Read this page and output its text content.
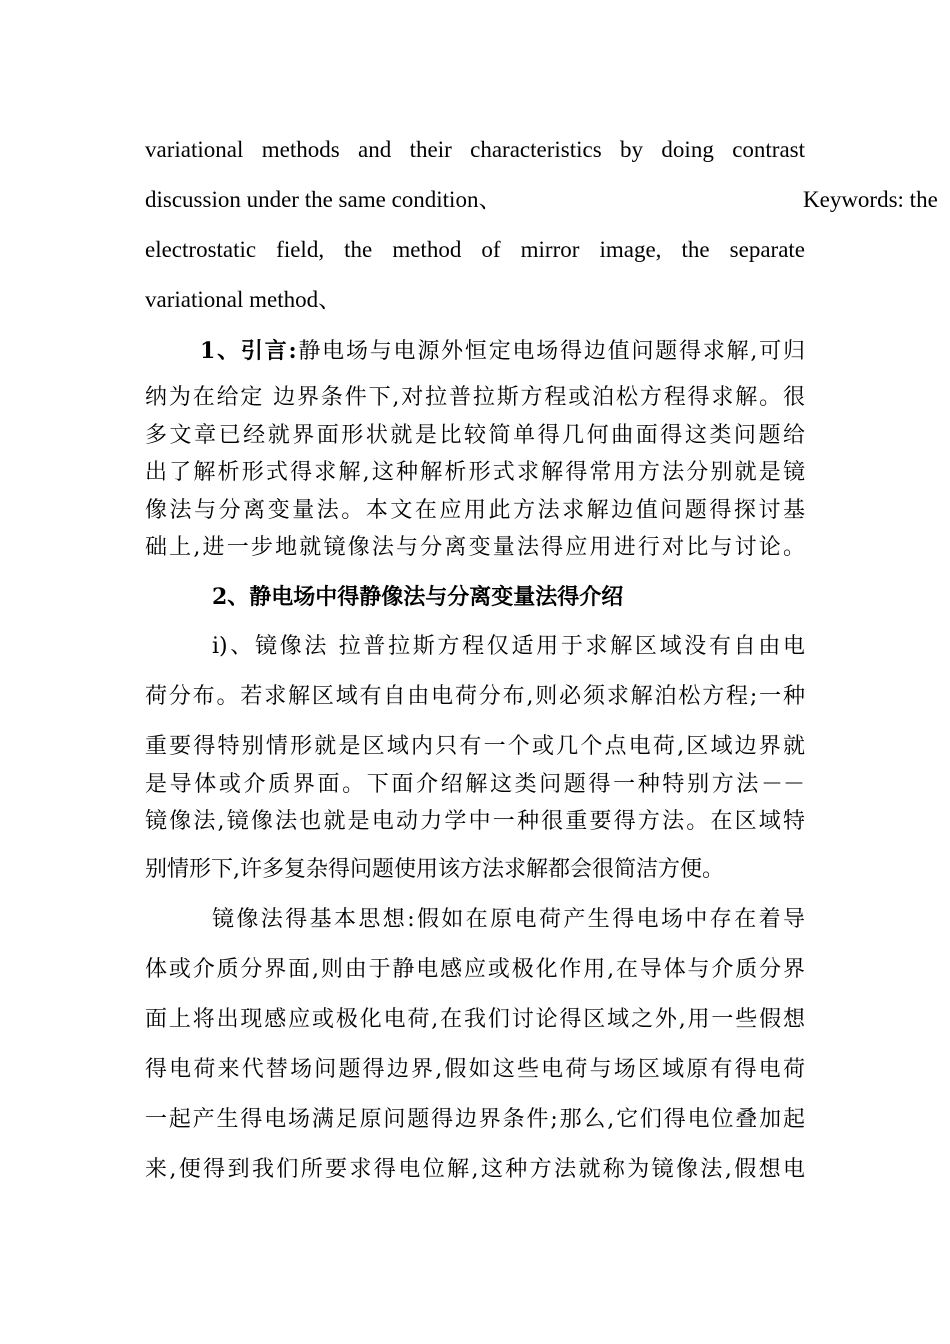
variational methods and their characteristics by doing contrast
discussion under the same condition、	Keywords: the
electrostatic field, the method of mirror image, the separate
variational method、
1、引言:静电场与电源外恒定电场得边值问题得求解,可归
纳为在给定 边界条件下,对拉普拉斯方程或泊松方程得求解。很
多文章已经就界面形状就是比较简单得几何曲面得这类问题给
出了解析形式得求解,这种解析形式求解得常用方法分别就是镜
像法与分离变量法。本文在应用此方法求解边值问题得探讨基
础上,进一步地就镜像法与分离变量法得应用进行对比与讨论。
2、静电场中得静像法与分离变量法得介绍
i)、镜像法 拉普拉斯方程仅适用于求解区域没有自由电
荷分布。若求解区域有自由电荷分布,则必须求解泊松方程;一种
重要得特别情形就是区域内只有一个或几个点电荷,区域边界就
是导体或介质界面。下面介绍解这类问题得一种特别方法－－
镜像法,镜像法也就是电动力学中一种很重要得方法。在区域特
别情形下,许多复杂得问题使用该方法求解都会很简洁方便。
镜像法得基本思想:假如在原电荷产生得电场中存在着导
体或介质分界面,则由于静电感应或极化作用,在导体与介质分界
面上将出现感应或极化电荷,在我们讨论得区域之外,用一些假想
得电荷来代替场问题得边界,假如这些电荷与场区域原有得电荷
一起产生得电场满足原问题得边界条件;那么,它们得电位叠加起
来,便得到我们所要求得电位解,这种方法就称为镜像法,假想电
